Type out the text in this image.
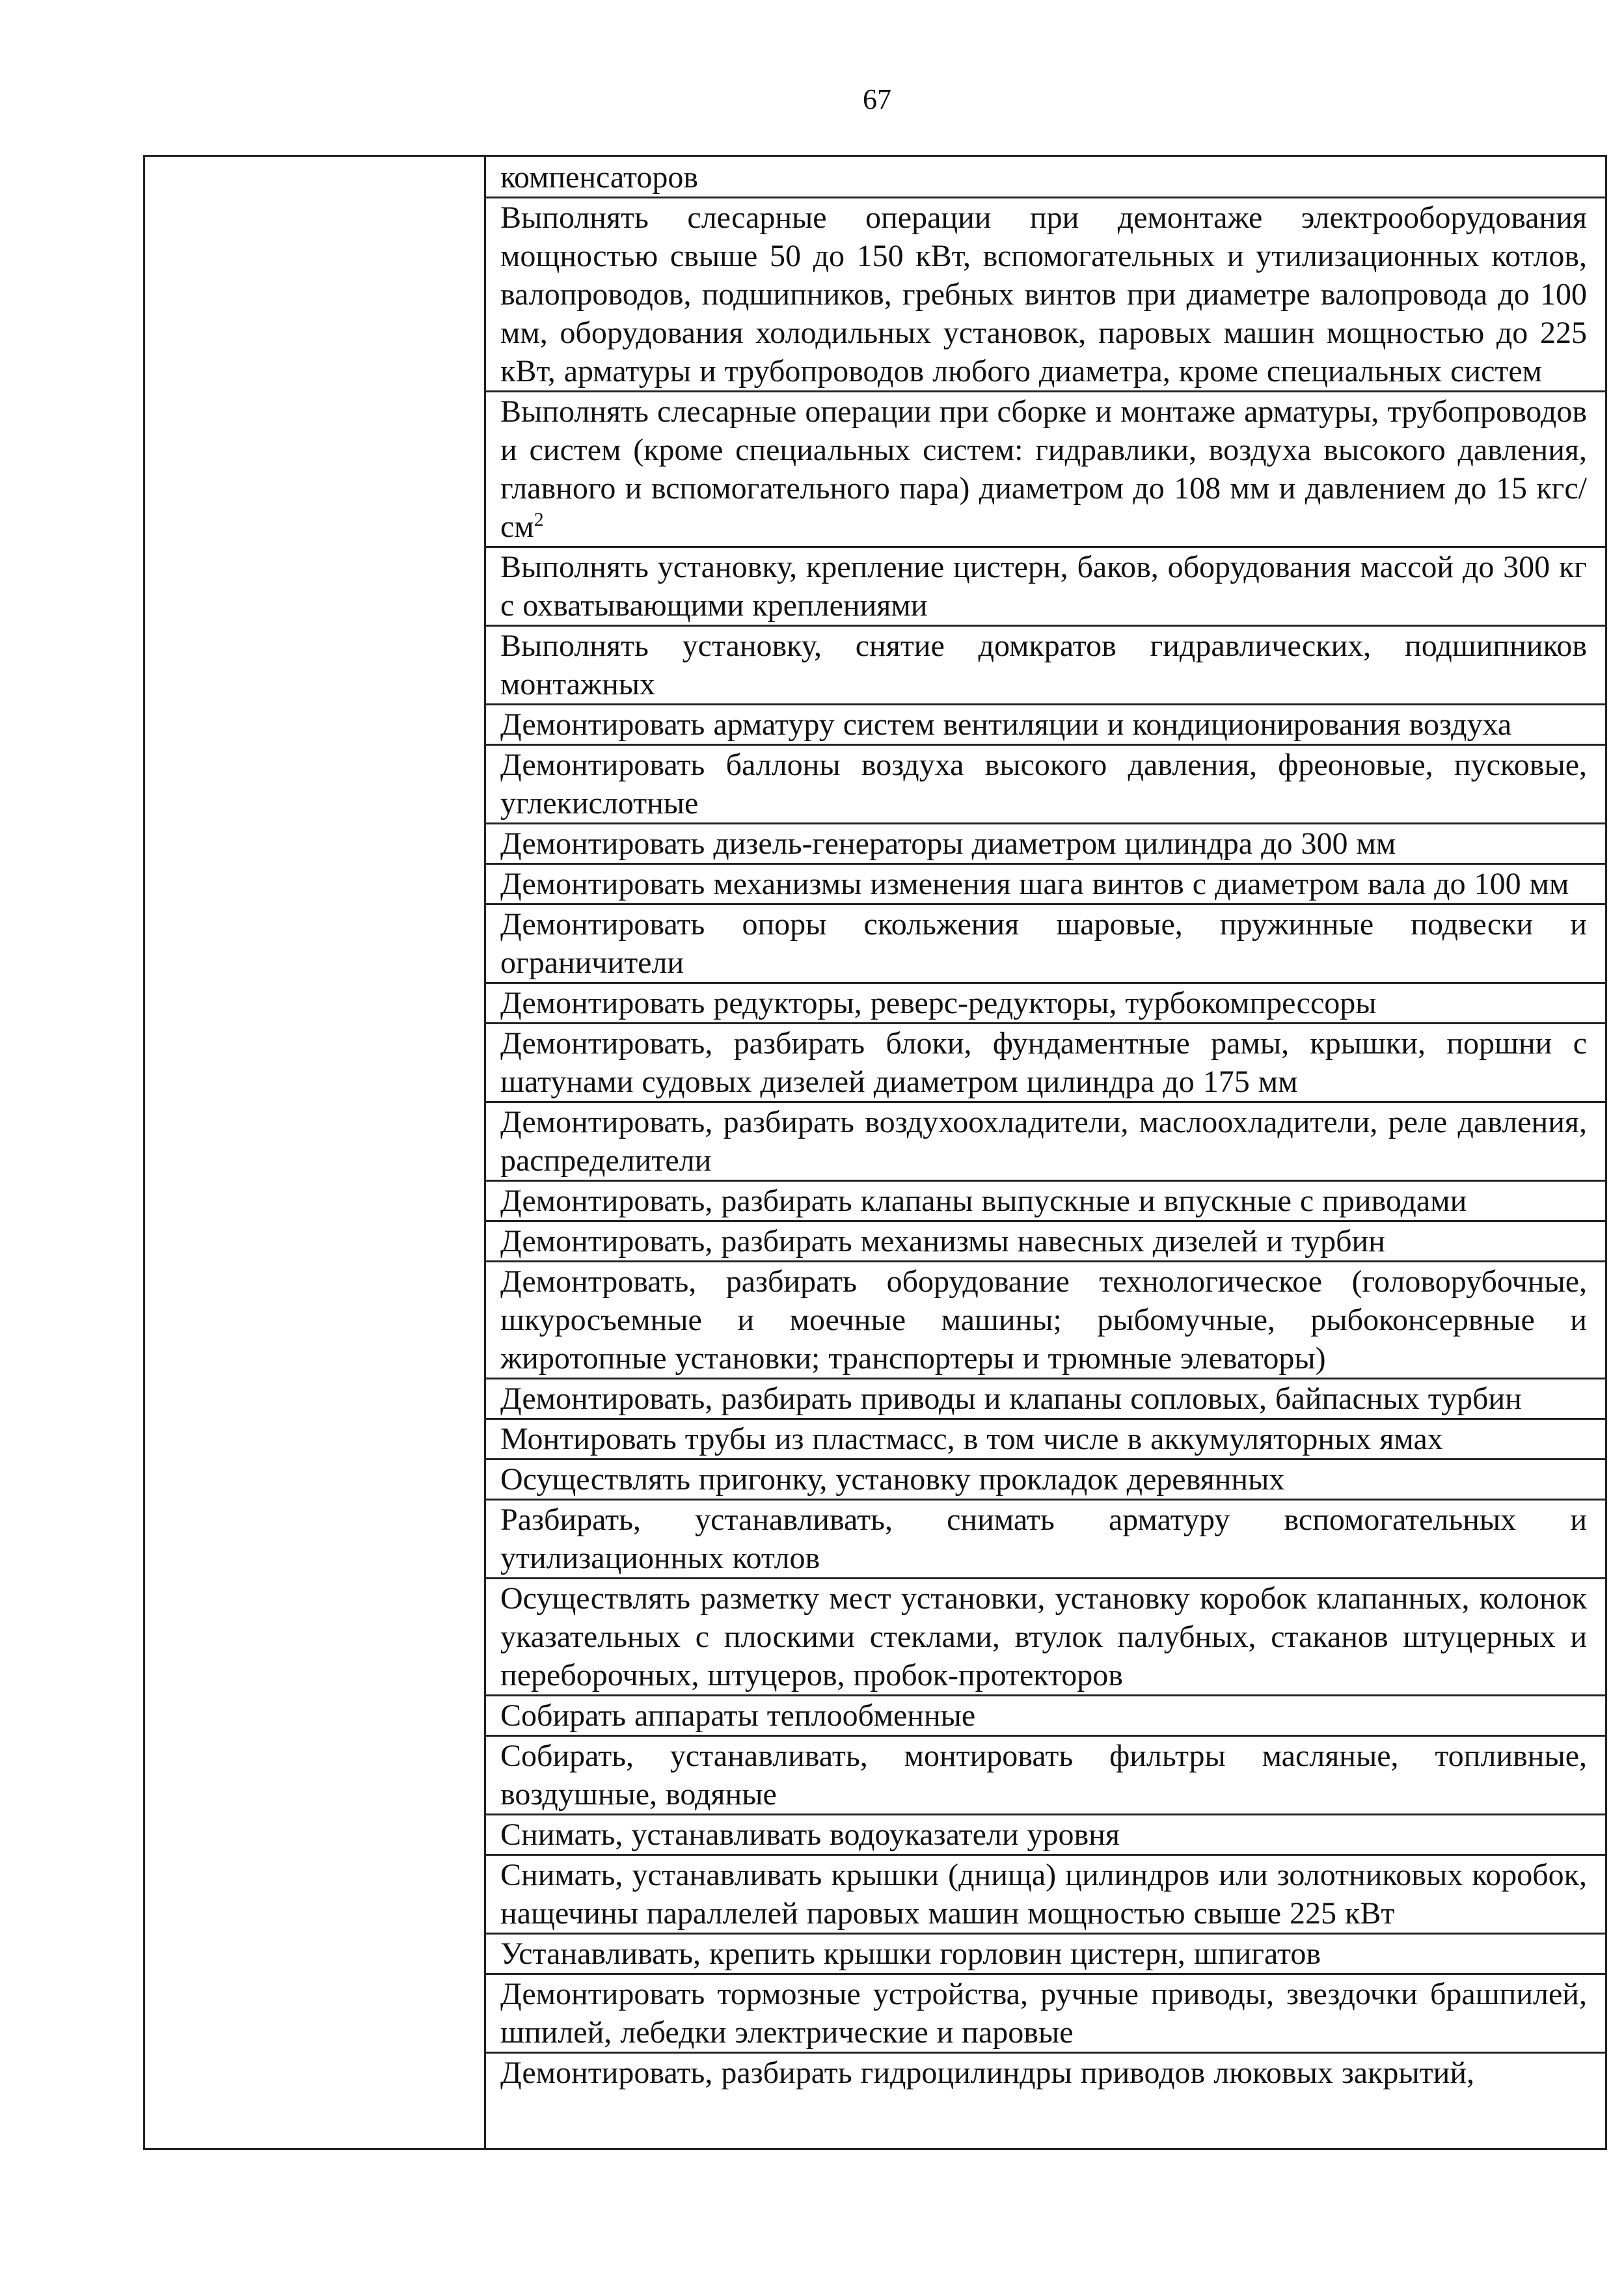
67
компенсаторов
Выполнять слесарные операции при демонтаже электрооборудования мощностью свыше 50 до 150 кВт, вспомогательных и утилизационных котлов, валопроводов, подшипников, гребных винтов при диаметре валопровода до 100 мм, оборудования холодильных установок, паровых машин мощностью до 225 кВт, арматуры и трубопроводов любого диаметра, кроме специальных систем
Выполнять слесарные операции при сборке и монтаже арматуры, трубопроводов и систем (кроме специальных систем: гидравлики, воздуха высокого давления, главного и вспомогательного пара) диаметром до 108 мм и давлением до 15 кгс/$см^2$
Выполнять установку, крепление цистерн, баков, оборудования массой до 300 кг с охватывающими креплениями
Выполнять установку, снятие домкратов гидравлических, подшипников монтажных
Демонтировать арматуру систем вентиляции и кондиционирования воздуха
Демонтировать баллоны воздуха высокого давления, фреоновые, пусковые, углекислотные
Демонтировать дизель-генераторы диаметром цилиндра до 300 мм
Демонтировать механизмы изменения шага винтов с диаметром вала до 100 мм
Демонтировать опоры скольжения шаровые, пружинные подвески и ограничители
Демонтировать редукторы, реверс-редукторы, турбокомпрессоры
Демонтировать, разбирать блоки, фундаментные рамы, крышки, поршни с шатунами судовых дизелей диаметром цилиндра до 175 мм
Демонтировать, разбирать воздухоохладители, маслоохладители, реле давления, распределители
Демонтировать, разбирать клапаны выпускные и впускные с приводами
Демонтировать, разбирать механизмы навесных дизелей и турбин
Демонтровать, разбирать оборудование технологическое (головорубочные, шкуросъемные и моечные машины; рыбомучные, рыбоконсервные и жиротопные установки; транспортеры и трюмные элеваторы)
Демонтировать, разбирать приводы и клапаны сопловых, байпасных турбин
Монтировать трубы из пластмасс, в том числе в аккумуляторных ямах
Осуществлять пригонку, установку прокладок деревянных
Разбирать, устанавливать, снимать арматуру вспомогательных и утилизационных котлов
Осуществлять разметку мест установки, установку коробок клапанных, колонок указательных с плоскими стеклами, втулок палубных, стаканов штуцерных и переборочных, штуцеров, пробок-протекторов
Собирать аппараты теплообменные
Собирать, устанавливать, монтировать фильтры масляные, топливные, воздушные, водяные
Снимать, устанавливать водоуказатели уровня
Снимать, устанавливать крышки (днища) цилиндров или золотниковых коробок, нащечины параллелей паровых машин мощностью свыше 225 кВт
Устанавливать, крепить крышки горловин цистерн, шпигатов
Демонтировать тормозные устройства, ручные приводы, звездочки брашпилей, шпилей, лебедки электрические и паровые
Демонтировать, разбирать гидроцилиндры приводов люковых закрытий,
